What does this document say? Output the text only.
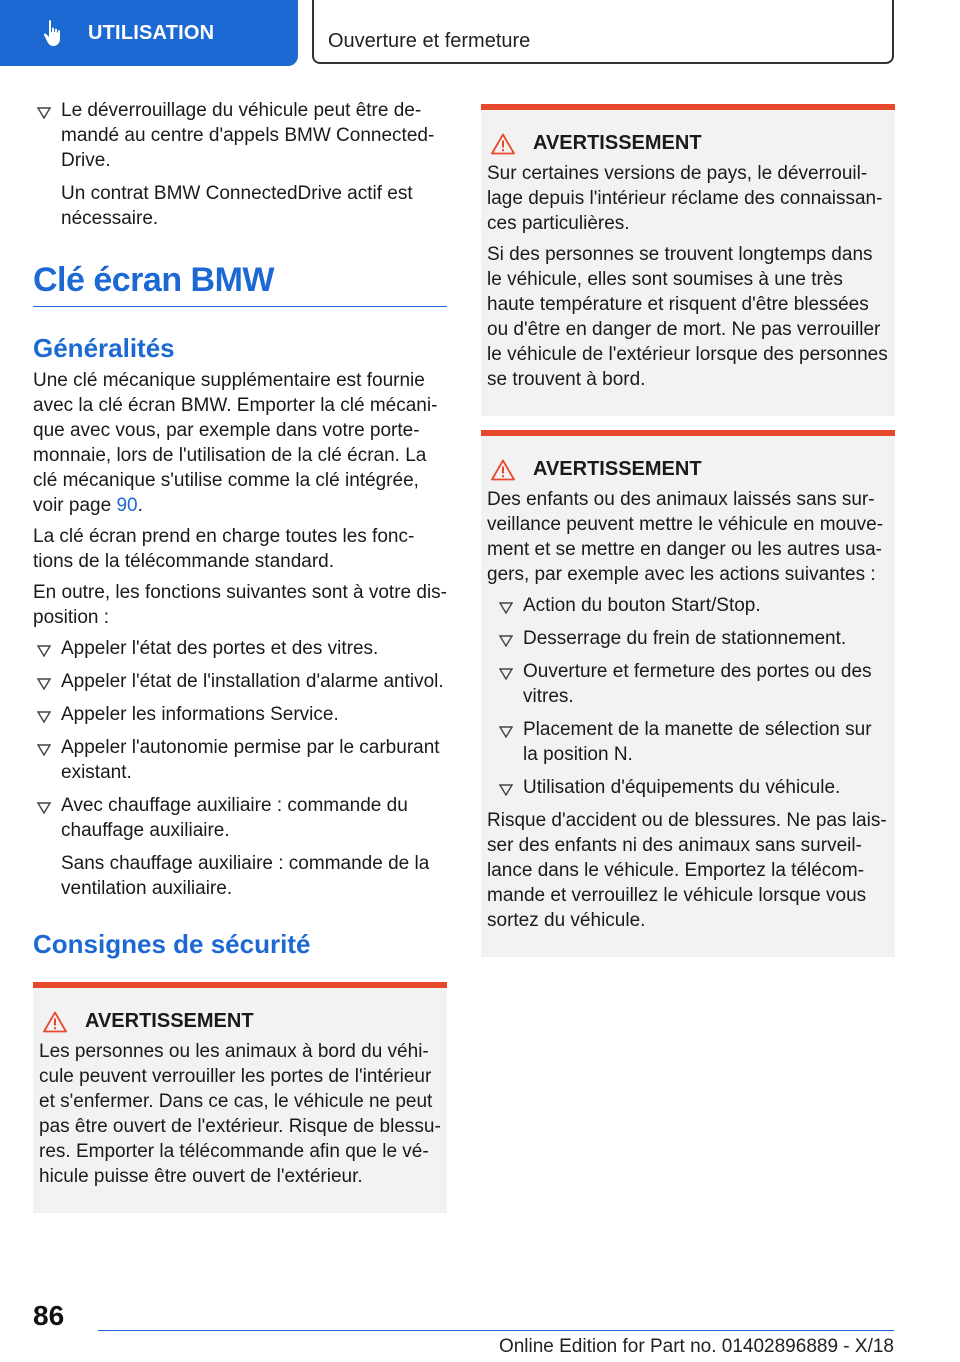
UTILISATION	Ouverture et fermeture
Le déverrouillage du véhicule peut être de-mandé au centre d'appels BMW Connected-Drive.

Un contrat BMW ConnectedDrive actif est nécessaire.

Clé écran BMW
Généralités

Une clé mécanique supplémentaire est fournie avec la clé écran BMW. Emporter la clé mécani-que avec vous, par exemple dans votre porte-monnaie, lors de l'utilisation de la clé écran. La clé mécanique s'utilise comme la clé intégrée, voir page 90.

La clé écran prend en charge toutes les fonc-tions de la télécommande standard.

En outre, les fonctions suivantes sont à votre dis-position :

Appeler l'état des portes et des vitres.
Appeler l'état de l'installation d'alarme antivol.
Appeler les informations Service.
Appeler l'autonomie permise par le carburant existant.
Avec chauffage auxiliaire : commande du chauffage auxiliaire.

Sans chauffage auxiliaire : commande de la ventilation auxiliaire.

Consignes de sécurité
AVERTISSEMENT

Les personnes ou les animaux à bord du véhi-cule peuvent verrouiller les portes de l'intérieur et s'enfermer. Dans ce cas, le véhicule ne peut pas être ouvert de l'extérieur. Risque de blessu-res. Emporter la télécommande afin que le vé-hicule puisse être ouvert de l'extérieur.

AVERTISSEMENT

Sur certaines versions de pays, le déverrouil-lage depuis l'intérieur réclame des connaissan-ces particulières.

Si des personnes se trouvent longtemps dans le véhicule, elles sont soumises à une très haute température et risquent d'être blessées ou d'être en danger de mort. Ne pas verrouiller le véhicule de l'extérieur lorsque des personnes se trouvent à bord.

AVERTISSEMENT

Des enfants ou des animaux laissés sans sur-veillance peuvent mettre le véhicule en mouve-ment et se mettre en danger ou les autres usa-gers, par exemple avec les actions suivantes :

Action du bouton Start/Stop.
Desserrage du frein de stationnement.
Ouverture et fermeture des portes ou des vitres.
Placement de la manette de sélection sur la position N.
Utilisation d'équipements du véhicule.

Risque d'accident ou de blessures. Ne pas lais-ser des enfants ni des animaux sans surveil-lance dans le véhicule. Emportez la télécom-mande et verrouillez le véhicule lorsque vous sortez du véhicule.

86
Online Edition for Part no. 01402896889 - X/18
